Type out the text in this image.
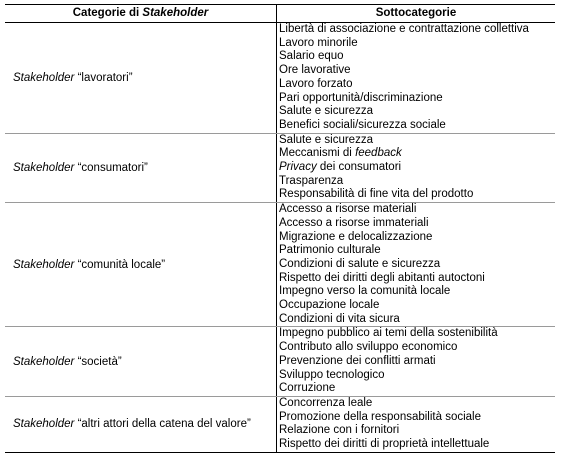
Categorie di Stakeholder	Sottocategorie
Stakeholder “lavoratori”
Libertà di associazione e contrattazione collettiva
Lavoro minorile
Salario equo
Ore lavorative
Lavoro forzato
Pari opportunità/discriminazione
Salute e sicurezza
Benefici sociali/sicurezza sociale
Stakeholder “consumatori”
Salute e sicurezza
Meccanismi di feedback
Privacy dei consumatori
Trasparenza
Responsabilità di fine vita del prodotto
Stakeholder “comunità locale”
Accesso a risorse materiali
Accesso a risorse immateriali
Migrazione e delocalizzazione
Patrimonio culturale
Condizioni di salute e sicurezza
Rispetto dei diritti degli abitanti autoctoni
Impegno verso la comunità locale
Occupazione locale
Condizioni di vita sicura
Stakeholder “società”
Impegno pubblico ai temi della sostenibilità
Contributo allo sviluppo economico
Prevenzione dei conflitti armati
Sviluppo tecnologico
Corruzione
Stakeholder “altri attori della catena del valore”
Concorrenza leale
Promozione della responsabilità sociale
Relazione con i fornitori
Rispetto dei diritti di proprietà intellettuale
